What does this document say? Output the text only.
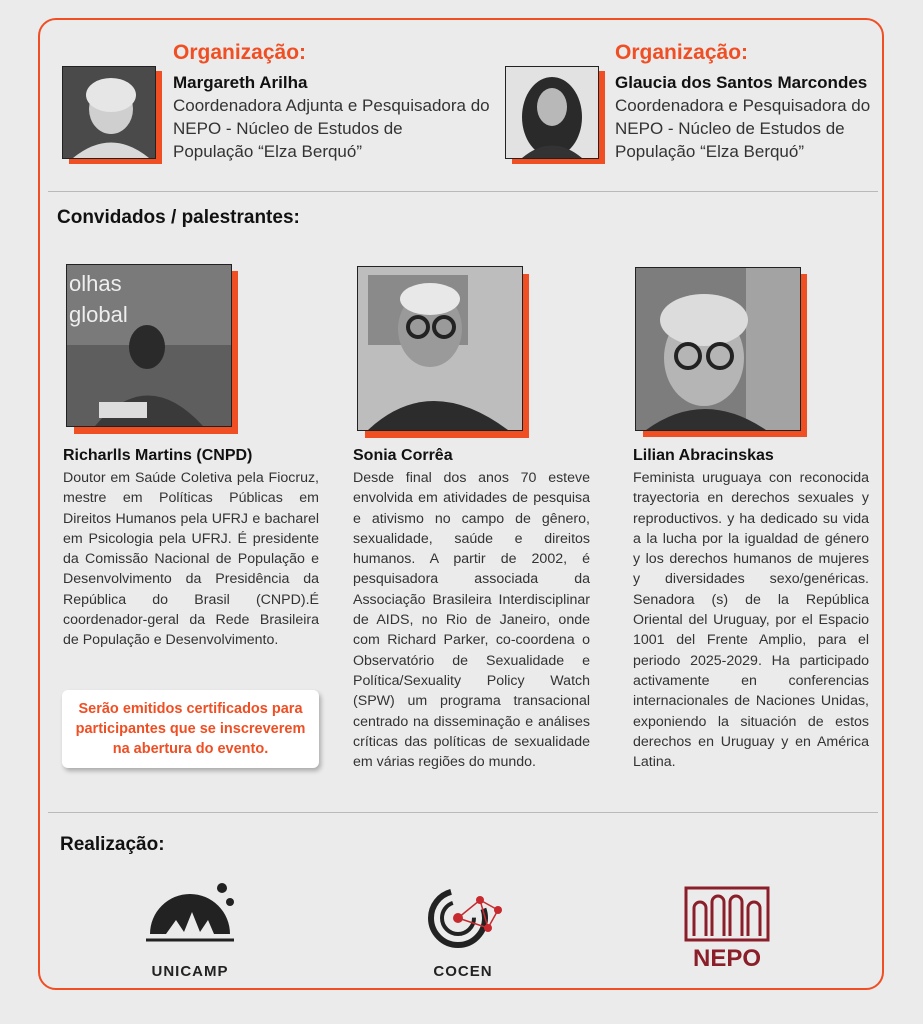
Organização:
Margareth Arilha
Coordenadora Adjunta e Pesquisadora do
NEPO - Núcleo de Estudos de
População “Elza Berquó”
Organização:
Glaucia dos Santos Marcondes
Coordenadora e Pesquisadora do
NEPO - Núcleo de Estudos de
População “Elza Berquó”
Convidados / palestrantes:
olhas
global
Richarlls Martins (CNPD)
Doutor em Saúde Coletiva pela Fiocruz, mestre em Políticas Públicas em Direitos Humanos pela UFRJ e bacharel em Psicologia pela UFRJ. É presidente da Comissão Nacional de População e Desenvolvimento da Presidência da República do Brasil (CNPD).É coordenador-geral da Rede Brasileira de População e Desenvolvimento.
Sonia Corrêa
Desde final dos anos 70 esteve envolvida em atividades de pesquisa e ativismo no campo de gênero, sexualidade, saúde e direitos humanos. A partir de 2002, é pesquisadora associada da Associação Brasileira Interdisciplinar de AIDS, no Rio de Janeiro, onde com Richard Parker, co-coordena o Observatório de Sexualidade e Política/Sexuality Policy Watch (SPW) um programa transacional centrado na disseminação e análises críticas das políticas de sexualidade em várias regiões do mundo.
Lilian Abracinskas
Feminista uruguaya con reconocida trayectoria en derechos sexuales y reproductivos. y ha dedicado su vida a la lucha por la igualdad de género y los derechos humanos de mujeres y diversidades sexo/genéricas. Senadora (s) de la República Oriental del Uruguay, por el Espacio 1001 del Frente Amplio, para el periodo 2025-2029. Ha participado activamente en conferencias internacionales de Naciones Unidas, exponiendo la situación de estos derechos en Uruguay y en América Latina.
Serão emitidos certificados para participantes que se inscreverem na abertura do evento.
Realização:
UNICAMP	COCEN	NEPO
